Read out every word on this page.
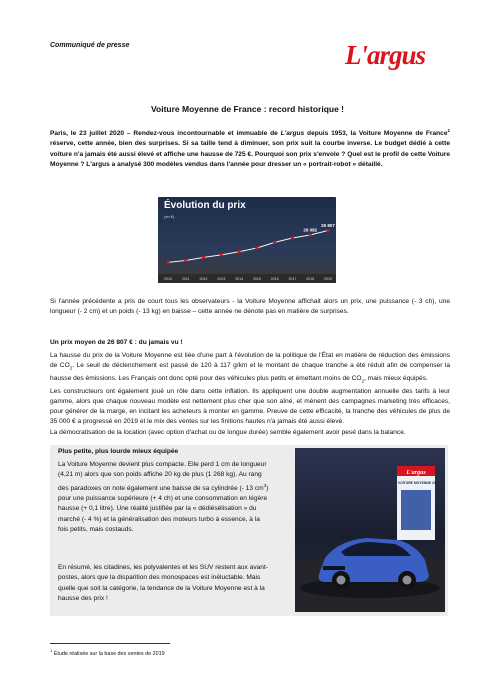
Communiqué de presse	L'argus
Voiture Moyenne de France : record historique !
Paris, le 23 juillet 2020 – Rendez-vous incontournable et immuable de L'argus depuis 1953, la Voiture Moyenne de France$^1$ réserve, cette année, bien des surprises. Si sa taille tend à diminuer, son prix suit la courbe inverse. Le budget dédié à cette voiture n'a jamais été aussi élevé et affiche une hausse de 725 €. Pourquoi son prix s'envole ? Quel est le profil de cette Voiture Moyenne ? L'argus a analysé 300 modèles vendus dans l'année pour dresser un « portrait-robot » détaillé.
26 082
26 807
2010	2011	2012	2013	2014	2015	2016	2017	2018	2019
Évolution du prix
(en €)
Si l'année précédente a pris de court tous les observateurs - la Voiture Moyenne affichait alors un prix, une puissance (- 3 ch), une longueur (- 2 cm) et un poids (- 13 kg) en baisse – cette année ne dénote pas en matière de surprises.
Un prix moyen de 26 807 € : du jamais vu !
La hausse du prix de la Voiture Moyenne est liée d'une part à l'évolution de la politique de l'État en matière de réduction des émissions de $CO_2$. Le seuil de déclenchement est passé de 120 à 117 g/km et le montant de chaque tranche a été réduit afin de compenser la hausse des émissions. Les Français ont donc opté pour des véhicules plus petits et émettant moins de $CO_2$, mais mieux équipés.
Les constructeurs ont également joué un rôle dans cette inflation. Ils appliquent une double augmentation annuelle des tarifs à leur gamme, alors que chaque nouveau modèle est nettement plus cher que son aîné, et mènent des campagnes marketing très efficaces, pour générer de la marge, en incitant les acheteurs à monter en gamme. Preuve de cette efficacité, la tranche des véhicules de plus de 35 000 € a progressé en 2019 et le mix des ventes sur les finitions hautes n'a jamais été aussi élevé.
La démocratisation de la location (avec option d'achat ou de longue durée) semble également avoir pesé dans la balance.
Plus petite, plus lourde mieux équipée
La Voiture Moyenne devient plus compacte. Elle perd 1 cm de longueur (4,21 m) alors que son poids affiche 20 kg de plus (1 268 kg). Au rang des paradoxes on note également une baisse de sa cylindrée (- 13 $cm^3$) pour une puissance supérieure (+ 4 ch) et une consommation en légère hausse (+ 0,1 litre). Une réalité justifiée par la « dédiésélisation » du marché (- 4 %) et la généralisation des moteurs turbo à essence, à la fois petits, mais costauds.
En résumé, les citadines, les polyvalentes et les SUV restent aux avant-postes, alors que la disparition des monospaces est inéluctable. Mais quelle que soit la catégorie, la tendance de la Voiture Moyenne est à la hausse des prix !
L'argus
LA VOITURE MOYENNE 2020
$^1$ Étude réalisée sur la base des ventes de 2019
